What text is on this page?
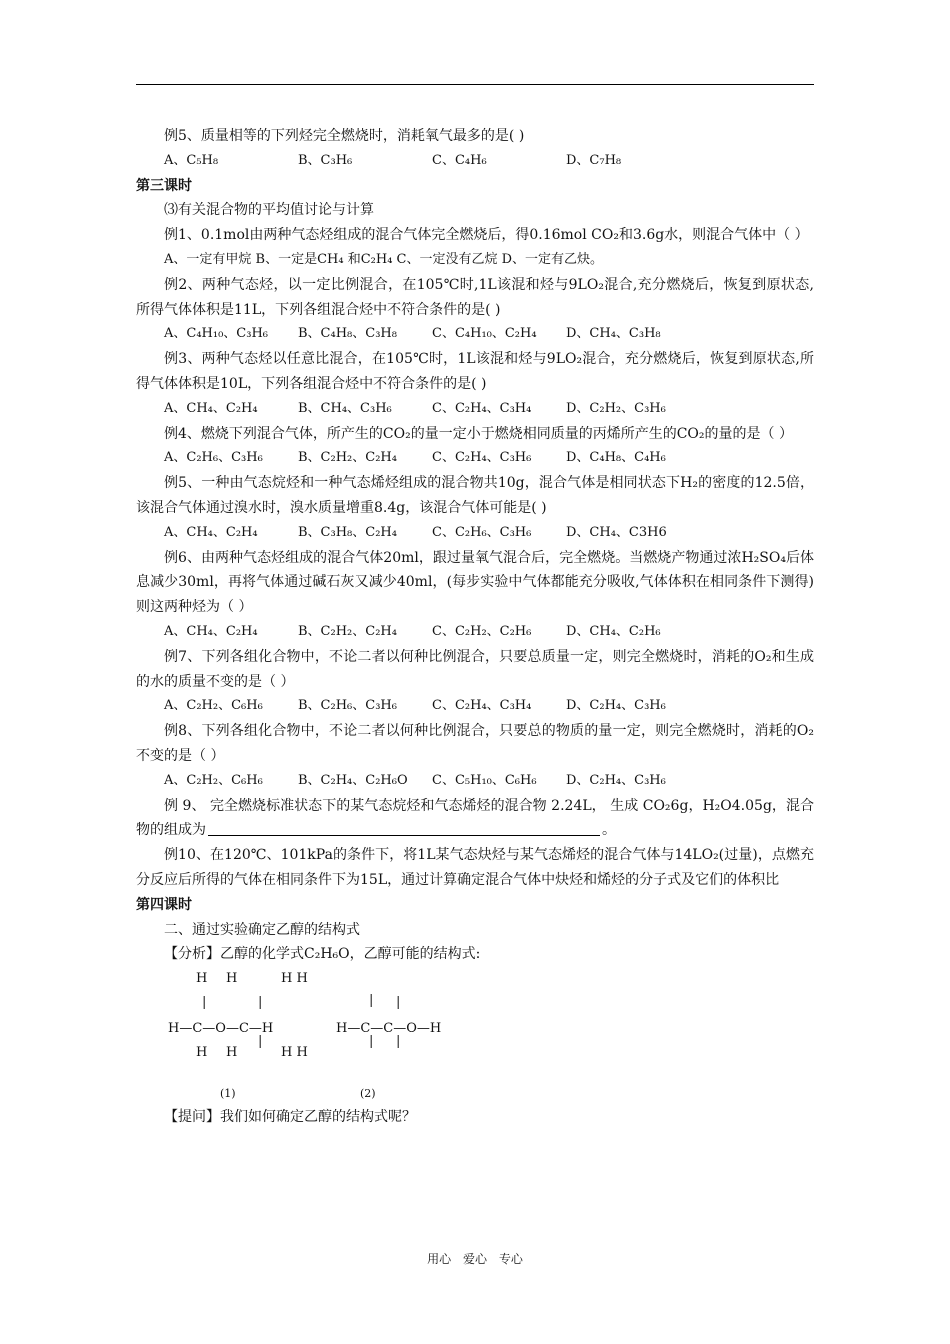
例5、质量相等的下列烃完全燃烧时，消耗氧气最多的是( )
A、C₅H₈	B、C₃H₆	C、C₄H₆	D、C₇H₈
第三课时
⑶有关混合物的平均值讨论与计算
例1、0.1mol由两种气态烃组成的混合气体完全燃烧后，得0.16mol CO₂和3.6g水，则混合气体中（ ）
A、一定有甲烷 B、一定是CH₄ 和C₂H₄ C、一定没有乙烷 D、一定有乙炔。
例2、两种气态烃，以一定比例混合，在105℃时,1L该混和烃与9LO₂混合,充分燃烧后，恢复到原状态,所得气体体积是11L，下列各组混合烃中不符合条件的是( )
A、C₄H₁₀、C₃H₆	B、C₄H₈、C₃H₈	C、C₄H₁₀、C₂H₄	D、CH₄、C₃H₈
例3、两种气态烃以任意比混合，在105℃时，1L该混和烃与9LO₂混合，充分燃烧后，恢复到原状态,所得气体体积是10L，下列各组混合烃中不符合条件的是( )
A、CH₄、C₂H₄	B、CH₄、C₃H₆	C、C₂H₄、C₃H₄	D、C₂H₂、C₃H₆
例4、燃烧下列混合气体，所产生的CO₂的量一定小于燃烧相同质量的丙烯所产生的CO₂的量的是（ ）
A、C₂H₆、C₃H₆	B、C₂H₂、C₂H₄	C、C₂H₄、C₃H₆	D、C₄H₈、C₄H₆
例5、一种由气态烷烃和一种气态烯烃组成的混合物共10g，混合气体是相同状态下H₂的密度的12.5倍，该混合气体通过溴水时，溴水质量增重8.4g，该混合气体可能是( )
A、CH₄、C₂H₄	B、C₃H₈、C₂H₄	C、C₂H₆、C₃H₆	D、CH₄、C3H6
例6、由两种气态烃组成的混合气体20ml，跟过量氧气混合后，完全燃烧。当燃烧产物通过浓H₂SO₄后体息减少30ml，再将气体通过碱石灰又减少40ml，(每步实验中气体都能充分吸收,气体体积在相同条件下测得)则这两种烃为（ ）
A、CH₄、C₂H₄	B、C₂H₂、C₂H₄	C、C₂H₂、C₂H₆	D、CH₄、C₂H₆
例7、下列各组化合物中，不论二者以何种比例混合，只要总质量一定，则完全燃烧时，消耗的O₂和生成的水的质量不变的是（ ）
A、C₂H₂、C₆H₆	B、C₂H₆、C₃H₆	C、C₂H₄、C₃H₄	D、C₂H₄、C₃H₆
例8、下列各组化合物中，不论二者以何种比例混合，只要总的物质的量一定，则完全燃烧时，消耗的O₂不变的是（ ）
A、C₂H₂、C₆H₆	B、C₂H₄、C₂H₆O	C、C₅H₁₀、C₆H₆	D、C₂H₄、C₃H₆
例 9、 完全燃烧标准状态下的某气态烷烃和气态烯烃的混合物 2.24L， 生成 CO₂6g，H₂O4.05g，混合物的组成为	。
例10、在120℃、101kPa的条件下，将1L某气态炔烃与某气态烯烃的混合气体与14LO₂(过量)，点燃充分反应后所得的气体在相同条件下为15L，通过计算确定混合气体中炔烃和烯烃的分子式及它们的体积比
第四课时
二、通过实验确定乙醇的结构式
【分析】乙醇的化学式C₂H₆O，乙醇可能的结构式:
H H	H H
|	|	| |
H—C—O—C—H	H—C—C—O—H
|	| |
H H	H H
(1)	(2)
【提问】我们如何确定乙醇的结构式呢？
用心 爱心 专心
